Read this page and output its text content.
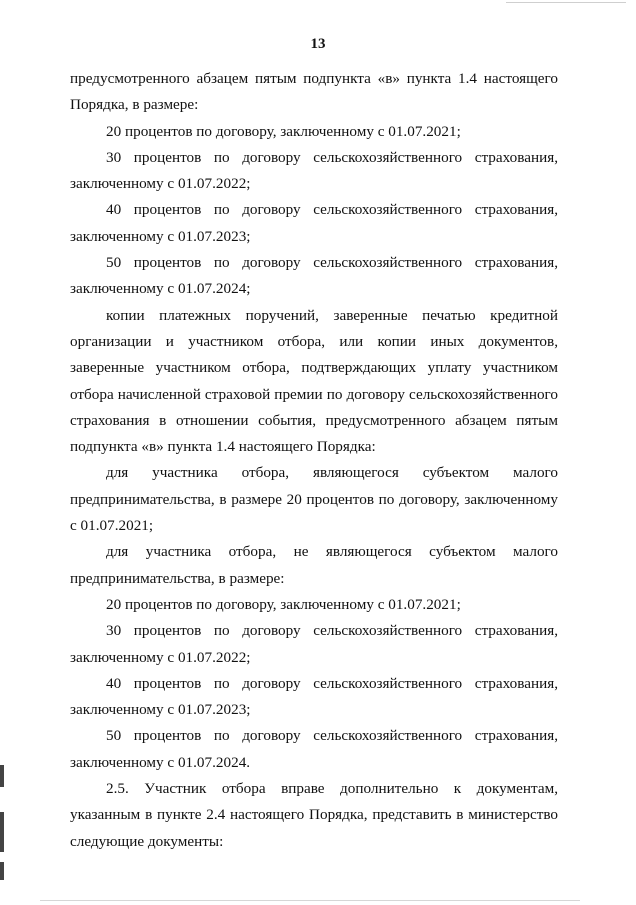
13

предусмотренного абзацем пятым подпункта «в» пункта 1.4 настоящего Порядка, в размере:

20 процентов по договору, заключенному с 01.07.2021;

30 процентов по договору сельскохозяйственного страхования, заключенному с 01.07.2022;

40 процентов по договору сельскохозяйственного страхования, заключенному с 01.07.2023;

50 процентов по договору сельскохозяйственного страхования, заключенному с 01.07.2024;

копии платежных поручений, заверенные печатью кредитной организации и участником отбора, или копии иных документов, заверенные участником отбора, подтверждающих уплату участником отбора начисленной страховой премии по договору сельскохозяйственного страхования в отношении события, предусмотренного абзацем пятым подпункта «в» пункта 1.4 настоящего Порядка:

для участника отбора, являющегося субъектом малого предпринимательства, в размере 20 процентов по договору, заключенному с 01.07.2021;

для участника отбора, не являющегося субъектом малого предпринимательства, в размере:

20 процентов по договору, заключенному с 01.07.2021;

30 процентов по договору сельскохозяйственного страхования, заключенному с 01.07.2022;

40 процентов по договору сельскохозяйственного страхования, заключенному с 01.07.2023;

50 процентов по договору сельскохозяйственного страхования, заключенному с 01.07.2024.

2.5. Участник отбора вправе дополнительно к документам, указанным в пункте 2.4 настоящего Порядка, представить в министерство следующие документы:
